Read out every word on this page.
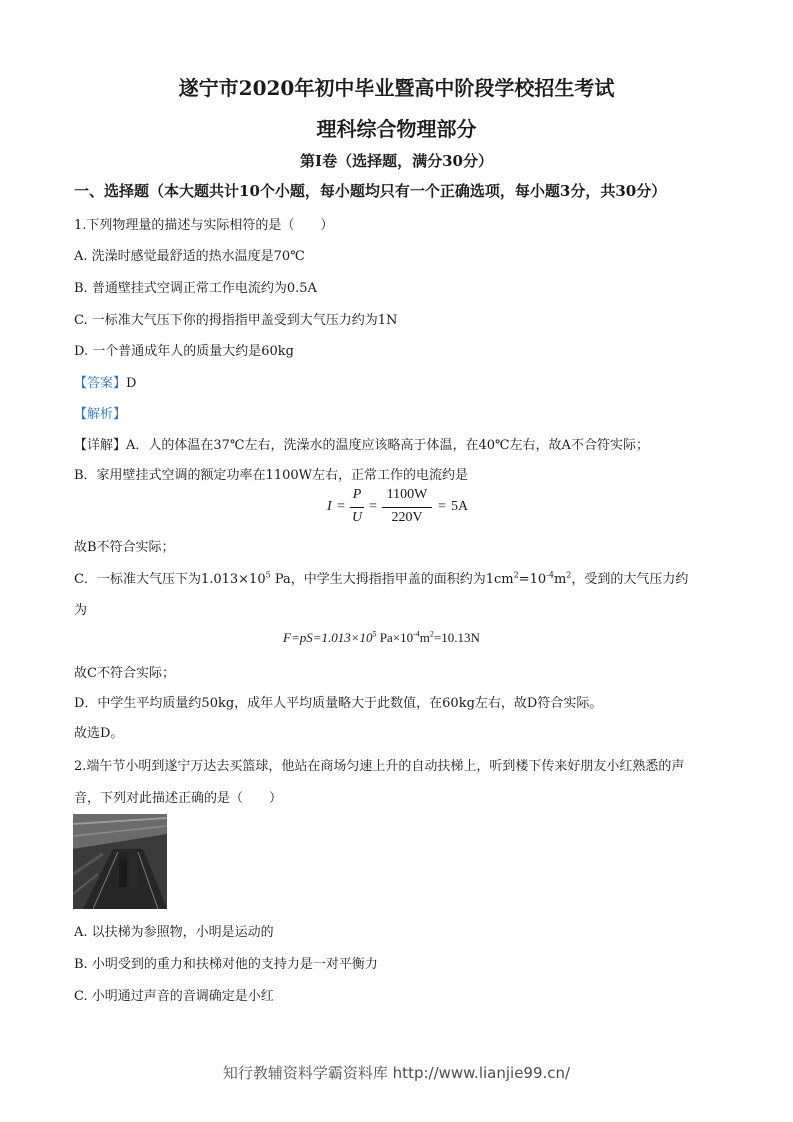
遂宁市2020年初中毕业暨高中阶段学校招生考试
理科综合物理部分
第I卷（选择题，满分30分）
一、选择题（本大题共计10个小题，每小题均只有一个正确选项，每小题3分，共30分）
1.下列物理量的描述与实际相符的是（　　）
A. 洗澡时感觉最舒适的热水温度是70℃
B. 普通壁挂式空调正常工作电流约为0.5A
C. 一标准大气压下你的拇指指甲盖受到大气压力约为1N
D. 一个普通成年人的质量大约是60kg
【答案】D
【解析】
【详解】A．人的体温在37℃左右，洗澡水的温度应该略高于体温，在40℃左右，故A不合符实际；
B．家用壁挂式空调的额定功率在1100W左右，正常工作的电流约是
I =
P
U
=
1100W
220V
= 5A
故B不符合实际；
C．一标准大气压下为$1.013\times 10^5$ Pa，中学生大拇指指甲盖的面积约为$1cm^2=10^{-4}m^2$，受到的大气压力约
为
$F=pS=1.013\times 10^5$ $Pa\times 10^{-4}m^2=10.13N$
故C不符合实际；
D．中学生平均质量约50kg，成年人平均质量略大于此数值，在60kg左右，故D符合实际。
故选D。
2.端午节小明到遂宁万达去买篮球，他站在商场匀速上升的自动扶梯上，听到楼下传来好朋友小红熟悉的声
音，下列对此描述正确的是（　　）
A. 以扶梯为参照物，小明是运动的
B. 小明受到的重力和扶梯对他的支持力是一对平衡力
C. 小明通过声音的音调确定是小红
知行教辅资料学霸资料库 http://www.lianjie99.cn/
